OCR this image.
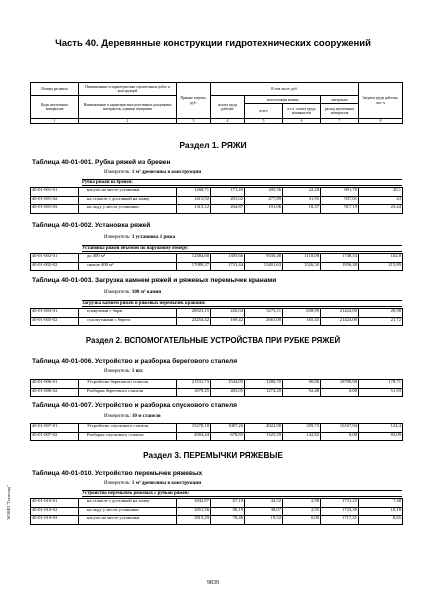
Часть 40. Деревянные конструкции гидротехнических сооружений
Номера расценок	Наименование и характеристика строительных работ и конструкций	Прямые затраты, руб.	В том числе, руб.				Затраты труда рабочих, чел.-ч
Коды неучтенных материалов	Наименование и характеристика неучтенных расценками материалов, единица измерения		оплата труда рабочих	эксплуатация машин		материалы	
				всего	в т.ч. оплата труда машинистов	расход неучтенных материалов	
1	2	3	4	5	6	7	8
Раздел 1. РЯЖИ
Таблица 40-01-001. Рубка ряжей из бревен
Измеритель: 1 м³ древесины в конструкции
Рубка ряжей из бревен:
40-01-001-01	насухо на месте установки	1268,71	171,45	205,36	22,28	891,70	20,1
40-01-001-02	на стапеле с доставкой на плаву	1415,92	201,02	277,89	31,95	937,01	23
40-01-001-03	на льду у места установки	1313,12	204,87	191,06	18,37	917,19	23,44
Таблица 40-01-002. Установка ряжей
Измеритель: 1 установка 1 ряжа
Установка ряжей объемом по наружному обмеру:
40-01-002-01	до 400 м³	12384,68	1305,66	9330,48	1118,08	1748,54	162,8
40-01-002-02	свыше 400 м³	17089,37	1731,44	13401,63	1526,50	1956,30	215,89
Таблица 40-01-003. Загрузка камнем ряжей и ряжевых перемычек кранами
Измеритель: 100 м³ камня
Загрузка камнем ряжей и ряжевых перемычек кранами:
40-01-003-01	плавучими с барж	26923,15	226,04	5273,11	638,99	21424,00	28,98
40-01-003-02	сухопутными с берега	24254,42	169,42	2661,00	165,45	21424,00	21,72
Раздел 2. ВСПОМОГАТЕЛЬНЫЕ УСТРОЙСТВА ПРИ РУБКЕ РЯЖЕЙ
Таблица 40-01-006. Устройство и разборка берегового стапеля
Измеритель: 1 шт.
40-01-006-01	Устройство берегового стапеля	21531,73	1544,05	1286,70	90,86	18700,98	178,71
40-01-006-02	Разборка берегового стапеля	1679,25	405,05	1274,20	92,48	0,00	51,93
Таблица 40-01-007. Устройство и разборка спускового стапеля
Измеритель: 10 м стапеля
40-01-007-01	Устройство спускового стапеля	15278,18	1087,26	4022,98	359,73	10167,94	124,4
40-01-007-02	Разборка спускового стапеля	2004,44	678,85	1325,59	142,82	0,00	83,09
Раздел 3. ПЕРЕМЫЧКИ РЯЖЕВЫЕ
Таблица 40-01-010. Устройство перемычек ряжевых
Измеритель: 1 м³ древесины в конструкции
Устройство перемычек ряжевых с рубкой ряжей:
40-01-010-01	на стапеле с доставкой на плаву	1842,87	67,10	44,52	2,98	1731,25	7,48
40-01-010-02	на льду у места установки	1851,56	90,19	38,07	2,95	1723,30	10,18
40-01-010-03	насухо на месте установки	1815,29	78,46	19,52	0,00	1717,31	8,65
ЭСНИП "Технолид"
9839
